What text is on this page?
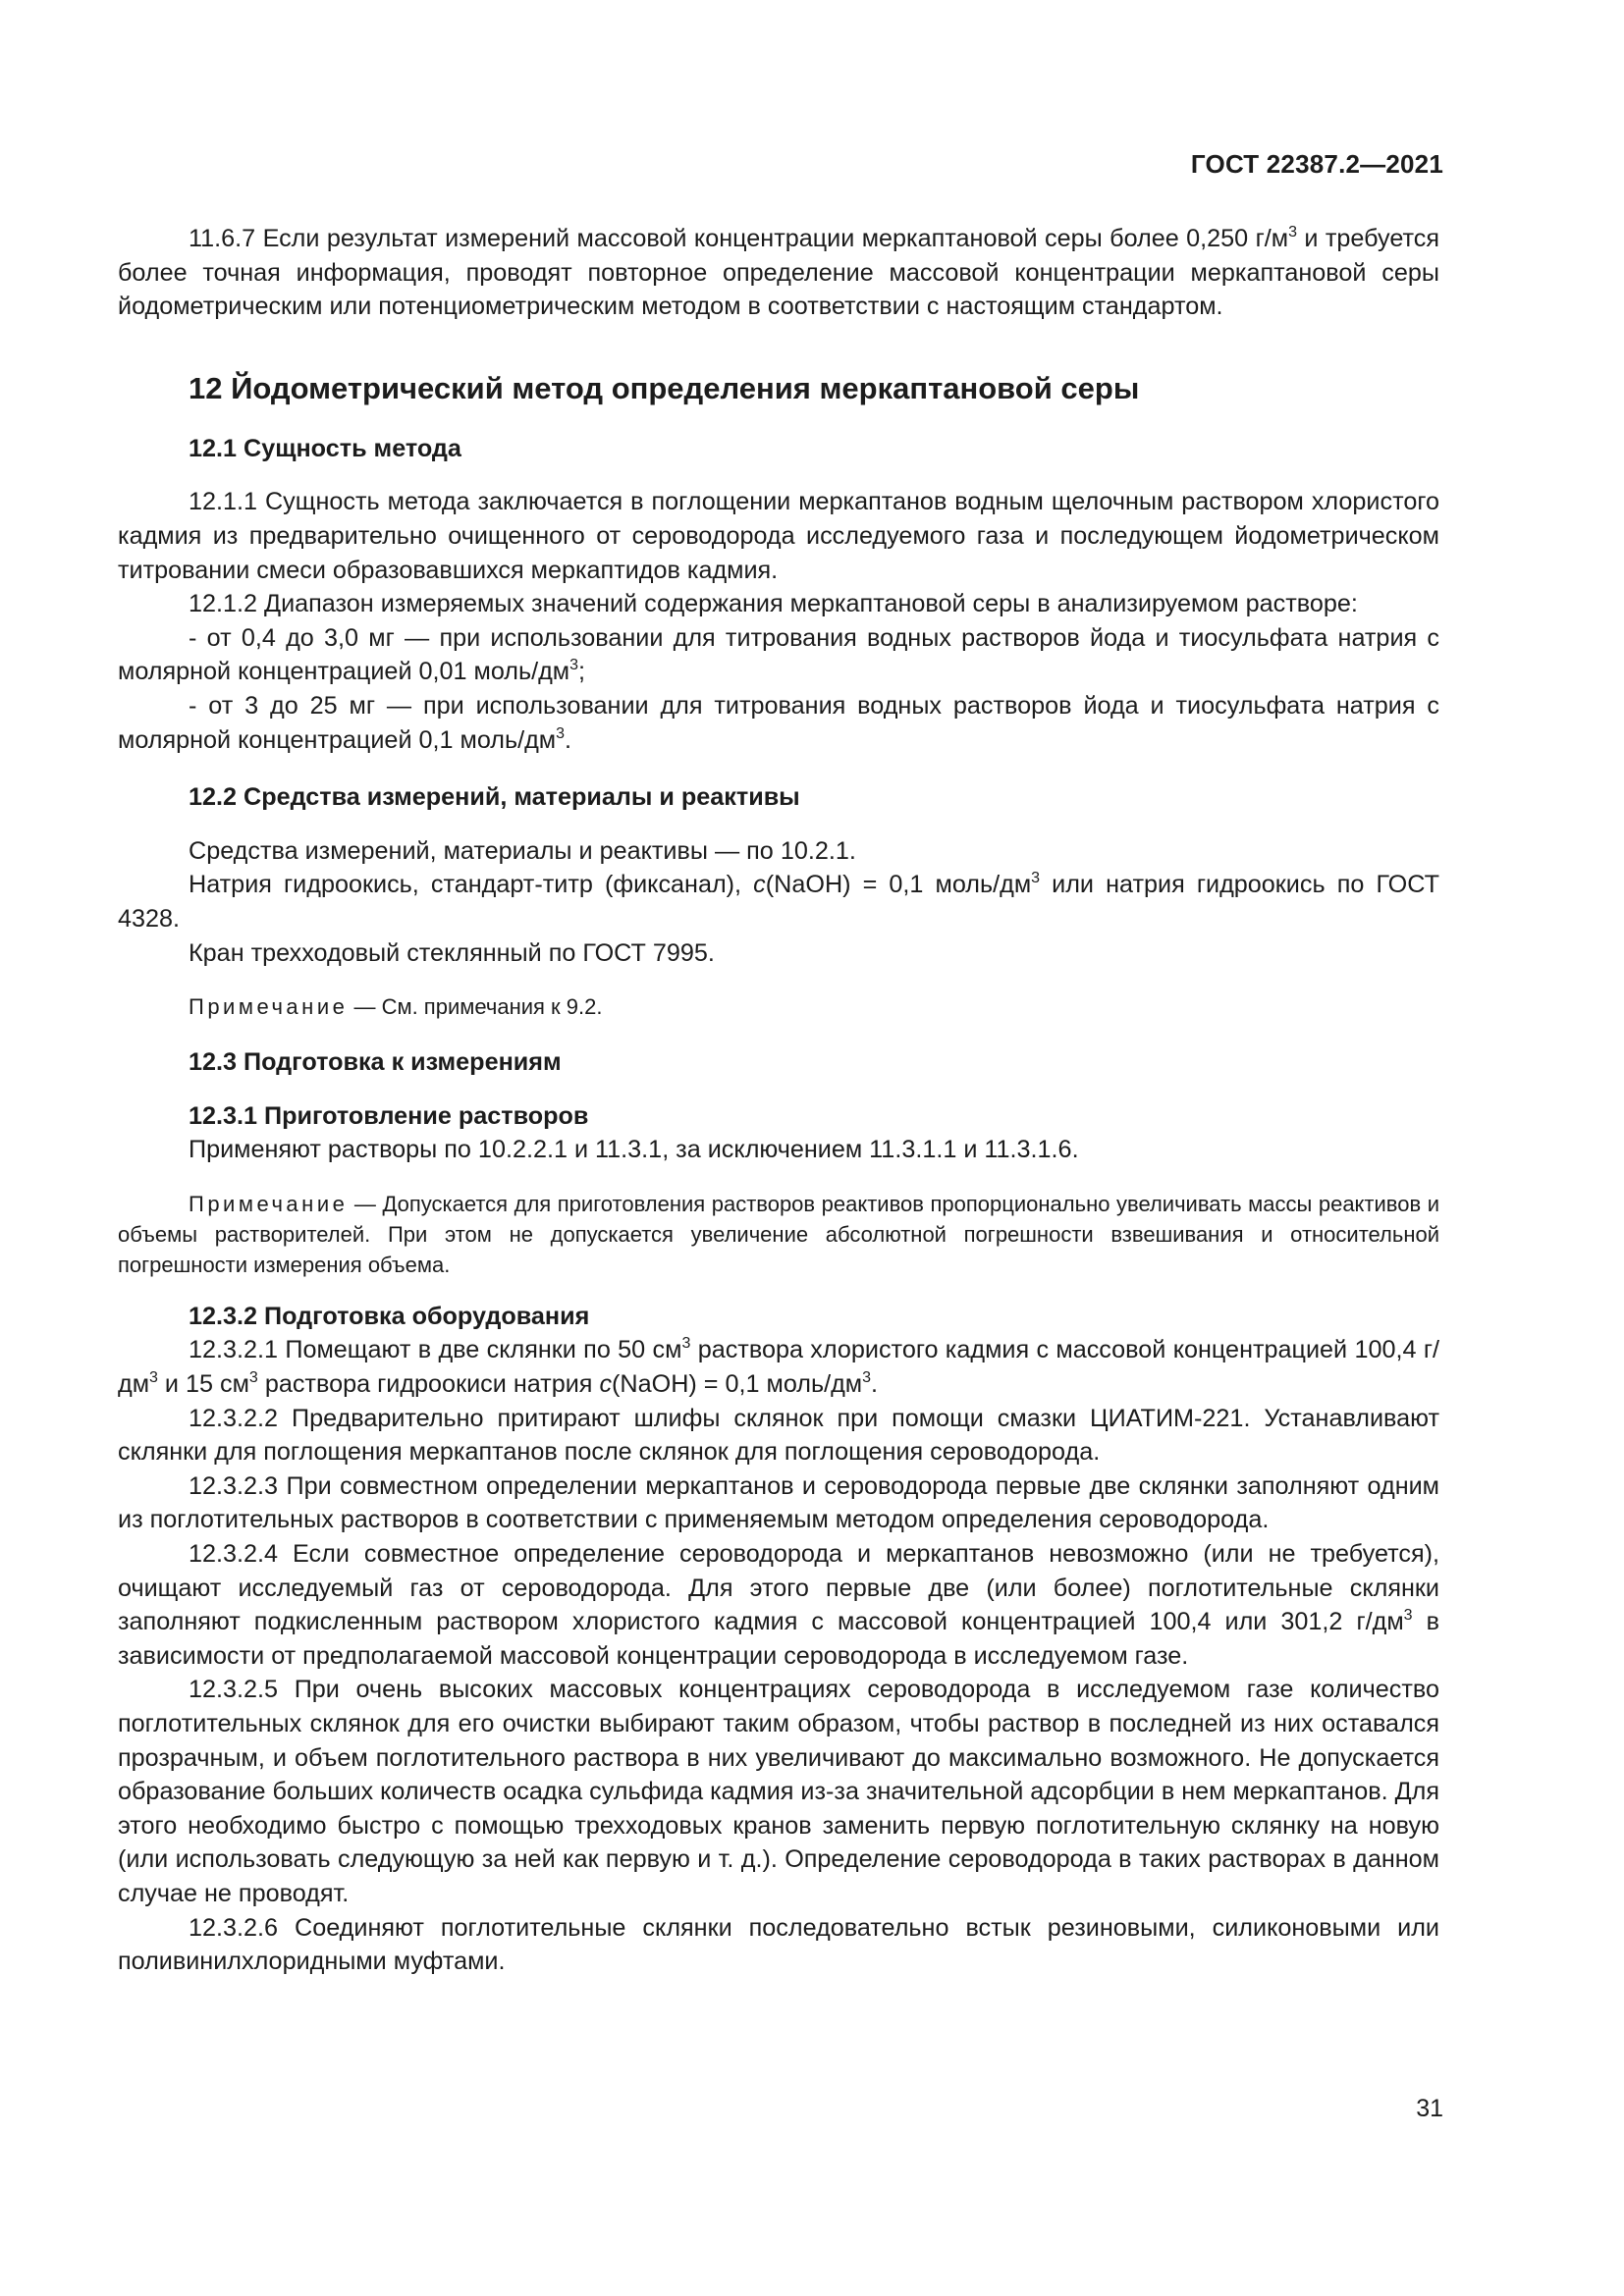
ГОСТ 22387.2—2021

11.6.7 Если результат измерений массовой концентрации меркаптановой серы более 0,250 $г/м^3$ и требуется более точная информация, проводят повторное определение массовой концентрации меркаптановой серы йодометрическим или потенциометрическим методом в соответствии с настоящим стандартом.

12 Йодометрический метод определения меркаптановой серы
12.1 Сущность метода

12.1.1 Сущность метода заключается в поглощении меркаптанов водным щелочным раствором хлористого кадмия из предварительно очищенного от сероводорода исследуемого газа и последующем йодометрическом титровании смеси образовавшихся меркаптидов кадмия.

12.1.2 Диапазон измеряемых значений содержания меркаптановой серы в анализируемом растворе:

- от 0,4 до 3,0 мг — при использовании для титрования водных растворов йода и тиосульфата натрия с молярной концентрацией 0,01 моль/$дм^3$;

- от 3 до 25 мг — при использовании для титрования водных растворов йода и тиосульфата натрия с молярной концентрацией 0,1 моль/$дм^3$.

12.2 Средства измерений, материалы и реактивы

Средства измерений, материалы и реактивы — по 10.2.1.

Натрия гидроокись, стандарт-титр (фиксанал), c(NaOH) = 0,1 моль/$дм^3$ или натрия гидроокись по ГОСТ 4328.

Кран трехходовый стеклянный по ГОСТ 7995.

Примечание — См. примечания к 9.2.

12.3 Подготовка к измерениям
12.3.1 Приготовление растворов

Применяют растворы по 10.2.2.1 и 11.3.1, за исключением 11.3.1.1 и 11.3.1.6.

Примечание — Допускается для приготовления растворов реактивов пропорционально увеличивать массы реактивов и объемы растворителей. При этом не допускается увеличение абсолютной погрешности взвешивания и относительной погрешности измерения объема.

12.3.2 Подготовка оборудования

12.3.2.1 Помещают в две склянки по 50 $см^3$ раствора хлористого кадмия с массовой концентрацией 100,4 $г/дм^3$ и 15 $см^3$ раствора гидроокиси натрия c(NaOH) = 0,1 моль/$дм^3$.

12.3.2.2 Предварительно притирают шлифы склянок при помощи смазки ЦИАТИМ-221. Устанавливают склянки для поглощения меркаптанов после склянок для поглощения сероводорода.

12.3.2.3 При совместном определении меркаптанов и сероводорода первые две склянки заполняют одним из поглотительных растворов в соответствии с применяемым методом определения сероводорода.

12.3.2.4 Если совместное определение сероводорода и меркаптанов невозможно (или не требуется), очищают исследуемый газ от сероводорода. Для этого первые две (или более) поглотительные склянки заполняют подкисленным раствором хлористого кадмия с массовой концентрацией 100,4 или 301,2 $г/дм^3$ в зависимости от предполагаемой массовой концентрации сероводорода в исследуемом газе.

12.3.2.5 При очень высоких массовых концентрациях сероводорода в исследуемом газе количество поглотительных склянок для его очистки выбирают таким образом, чтобы раствор в последней из них оставался прозрачным, и объем поглотительного раствора в них увеличивают до максимально возможного. Не допускается образование больших количеств осадка сульфида кадмия из-за значительной адсорбции в нем меркаптанов. Для этого необходимо быстро с помощью трехходовых кранов заменить первую поглотительную склянку на новую (или использовать следующую за ней как первую и т. д.). Определение сероводорода в таких растворах в данном случае не проводят.

12.3.2.6 Соединяют поглотительные склянки последовательно встык резиновыми, силиконовыми или поливинилхлоридными муфтами.

31
